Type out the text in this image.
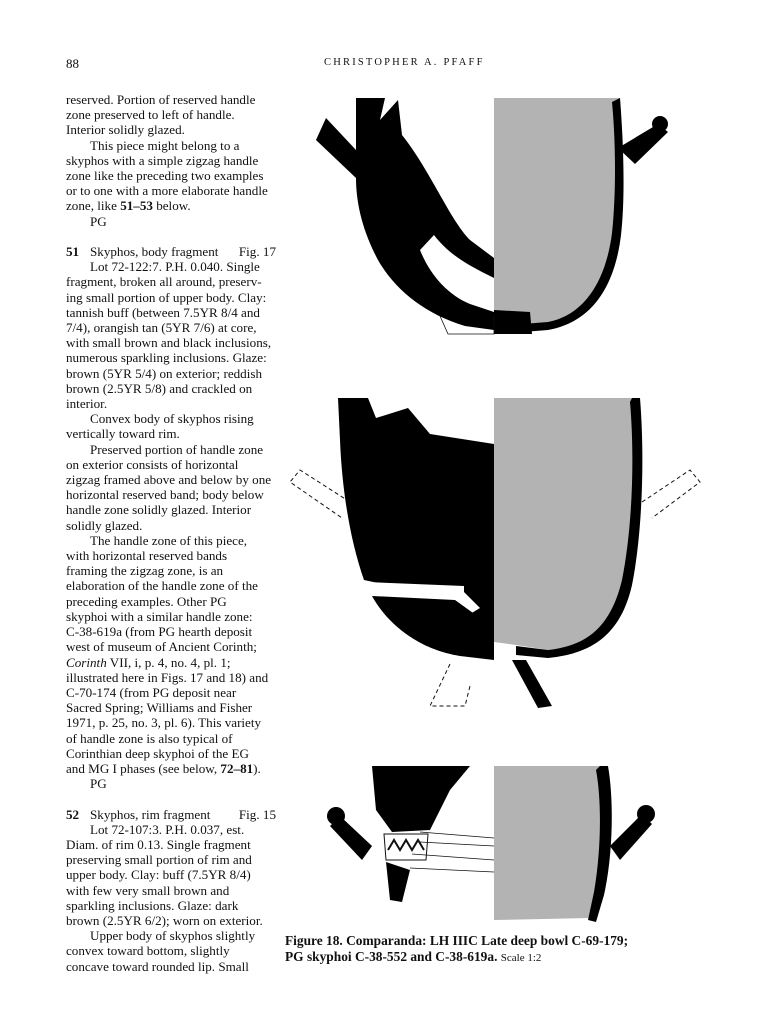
88	CHRISTOPHER A. PFAFF

reserved. Portion of reserved handle

zone preserved to left of handle.

Interior solidly glazed.

This piece might belong to a

skyphos with a simple zigzag handle

zone like the preceding two examples

or to one with a more elaborate handle

zone, like 51–53 below.

PG

51 Skyphos, body fragment Fig. 17

Lot 72-122:7. P.H. 0.040. Single

fragment, broken all around, preserv-

ing small portion of upper body. Clay:

tannish buff (between 7.5YR 8/4 and

7/4), orangish tan (5YR 7/6) at core,

with small brown and black inclusions,

numerous sparkling inclusions. Glaze:

brown (5YR 5/4) on exterior; reddish

brown (2.5YR 5/8) and crackled on

interior.

Convex body of skyphos rising

vertically toward rim.

Preserved portion of handle zone

on exterior consists of horizontal

zigzag framed above and below by one

horizontal reserved band; body below

handle zone solidly glazed. Interior

solidly glazed.

The handle zone of this piece,

with horizontal reserved bands

framing the zigzag zone, is an

elaboration of the handle zone of the

preceding examples. Other PG

skyphoi with a similar handle zone:

C-38-619a (from PG hearth deposit

west of museum of Ancient Corinth;

Corinth VII, i, p. 4, no. 4, pl. 1;

illustrated here in Figs. 17 and 18) and

C-70-174 (from PG deposit near

Sacred Spring; Williams and Fisher

1971, p. 25, no. 3, pl. 6). This variety

of handle zone is also typical of

Corinthian deep skyphoi of the EG

and MG I phases (see below, 72–81).

PG

52 Skyphos, rim fragment Fig. 15

Lot 72-107:3. P.H. 0.037, est.

Diam. of rim 0.13. Single fragment

preserving small portion of rim and

upper body. Clay: buff (7.5YR 8/4)

with few very small brown and

sparkling inclusions. Glaze: dark

brown (2.5YR 6/2); worn on exterior.

Upper body of skyphos slightly

convex toward bottom, slightly

concave toward rounded lip. Small

Figure 18. Comparanda: LH IIIC Late deep bowl C-69-179;
PG skyphoi C-38-552 and C-38-619a. Scale 1:2
